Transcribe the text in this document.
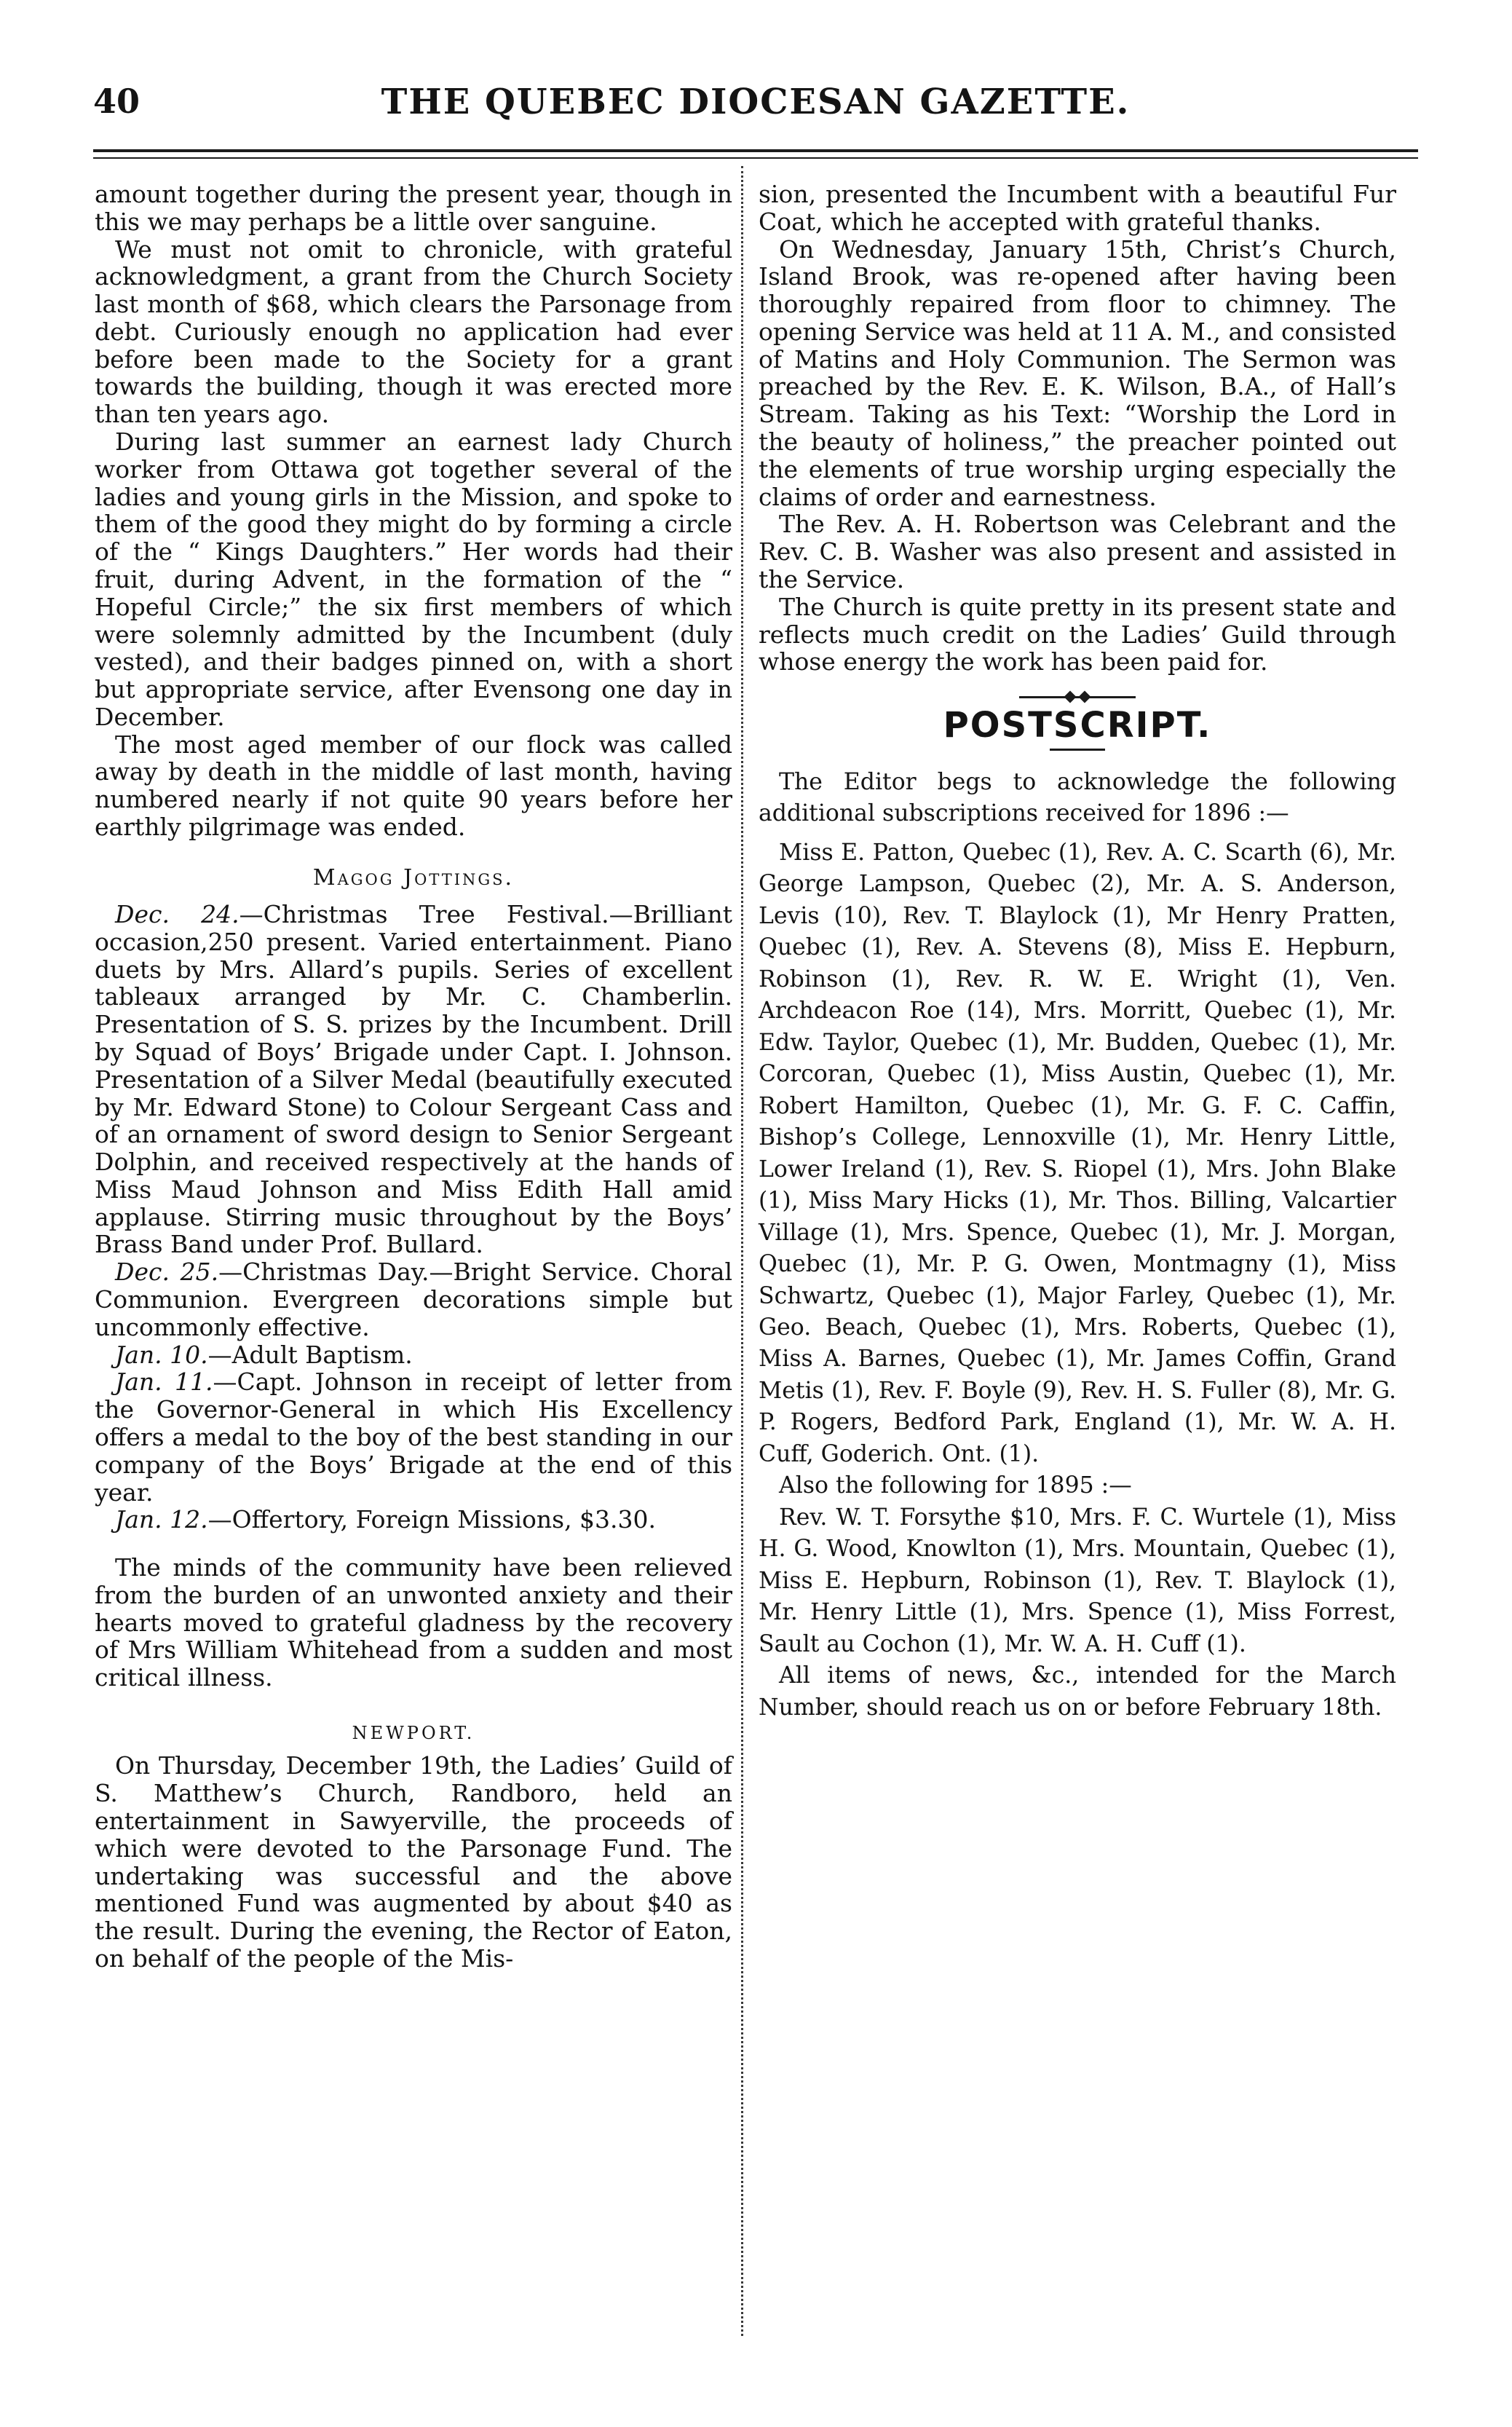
40	THE QUEBEC DIOCESAN GAZETTE.

amount together during the present year, though in this we may perhaps be a little over sanguine.

We must not omit to chronicle, with grateful acknowledgment, a grant from the Church Society last month of $68, which clears the Parsonage from debt. Curiously enough no application had ever before been made to the Society for a grant towards the building, though it was erected more than ten years ago.

During last summer an earnest lady Church worker from Ottawa got together several of the ladies and young girls in the Mission, and spoke to them of the good they might do by forming a circle of the “ Kings Daughters.” Her words had their fruit, during Advent, in the formation of the “ Hopeful Circle;” the six first members of which were solemnly admitted by the Incumbent (duly vested), and their badges pinned on, with a short but appropriate service, after Evensong one day in December.

The most aged member of our flock was called away by death in the middle of last month, having numbered nearly if not quite 90 years before her earthly pilgrimage was ended.

Magog Jottings.

Dec. 24.—Christmas Tree Festival.—Brilliant occasion,250 present. Varied entertainment. Piano duets by Mrs. Allard’s pupils. Series of excellent tableaux arranged by Mr. C. Chamberlin. Presentation of S. S. prizes by the Incumbent. Drill by Squad of Boys’ Brigade under Capt. I. Johnson. Presentation of a Silver Medal (beautifully executed by Mr. Edward Stone) to Colour Sergeant Cass and of an ornament of sword design to Senior Sergeant Dolphin, and received respectively at the hands of Miss Maud Johnson and Miss Edith Hall amid applause. Stirring music throughout by the Boys’ Brass Band under Prof. Bullard.

Dec. 25.—Christmas Day.—Bright Service. Choral Communion. Evergreen decorations simple but uncommonly effective.

Jan. 10.—Adult Baptism.

Jan. 11.—Capt. Johnson in receipt of letter from the Governor-General in which His Excellency offers a medal to the boy of the best standing in our company of the Boys’ Brigade at the end of this year.

Jan. 12.—Offertory, Foreign Missions, $3.30.

The minds of the community have been relieved from the burden of an unwonted anxiety and their hearts moved to grateful gladness by the recovery of Mrs William Whitehead from a sudden and most critical illness.

NEWPORT.

On Thursday, December 19th, the Ladies’ Guild of S. Matthew’s Church, Randboro, held an entertainment in Sawyerville, the proceeds of which were devoted to the Parsonage Fund. The undertaking was successful and the above mentioned Fund was augmented by about $40 as the result. During the evening, the Rector of Eaton, on behalf of the people of the Mis-

sion, presented the Incumbent with a beautiful Fur Coat, which he accepted with grateful thanks.

On Wednesday, January 15th, Christ’s Church, Island Brook, was re-opened after having been thoroughly repaired from floor to chimney. The opening Service was held at 11 A. M., and consisted of Matins and Holy Communion. The Sermon was preached by the Rev. E. K. Wilson, B.A., of Hall’s Stream. Taking as his Text: “Worship the Lord in the beauty of holiness,” the preacher pointed out the elements of true worship urging especially the claims of order and earnestness.

The Rev. A. H. Robertson was Celebrant and the Rev. C. B. Washer was also present and assisted in the Service.

The Church is quite pretty in its present state and reflects much credit on the Ladies’ Guild through whose energy the work has been paid for.

POSTSCRIPT.

The Editor begs to acknowledge the following additional subscriptions received for 1896 :—

Miss E. Patton, Quebec (1), Rev. A. C. Scarth (6), Mr. George Lampson, Quebec (2), Mr. A. S. Anderson, Levis (10), Rev. T. Blaylock (1), Mr Henry Pratten, Quebec (1), Rev. A. Stevens (8), Miss E. Hepburn, Robinson (1), Rev. R. W. E. Wright (1), Ven. Archdeacon Roe (14), Mrs. Morritt, Quebec (1), Mr. Edw. Taylor, Quebec (1), Mr. Budden, Quebec (1), Mr. Corcoran, Quebec (1), Miss Austin, Quebec (1), Mr. Robert Hamilton, Quebec (1), Mr. G. F. C. Caffin, Bishop’s College, Lennoxville (1), Mr. Henry Little, Lower Ireland (1), Rev. S. Riopel (1), Mrs. John Blake (1), Miss Mary Hicks (1), Mr. Thos. Billing, Valcartier Village (1), Mrs. Spence, Quebec (1), Mr. J. Morgan, Quebec (1), Mr. P. G. Owen, Montmagny (1), Miss Schwartz, Quebec (1), Major Farley, Quebec (1), Mr. Geo. Beach, Quebec (1), Mrs. Roberts, Quebec (1), Miss A. Barnes, Quebec (1), Mr. James Coffin, Grand Metis (1), Rev. F. Boyle (9), Rev. H. S. Fuller (8), Mr. G. P. Rogers, Bedford Park, England (1), Mr. W. A. H. Cuff, Goderich. Ont. (1).

Also the following for 1895 :—

Rev. W. T. Forsythe $10, Mrs. F. C. Wurtele (1), Miss H. G. Wood, Knowlton (1), Mrs. Mountain, Quebec (1), Miss E. Hepburn, Robinson (1), Rev. T. Blaylock (1), Mr. Henry Little (1), Mrs. Spence (1), Miss Forrest, Sault au Cochon (1), Mr. W. A. H. Cuff (1).

All items of news, &c., intended for the March Number, should reach us on or before February 18th.
